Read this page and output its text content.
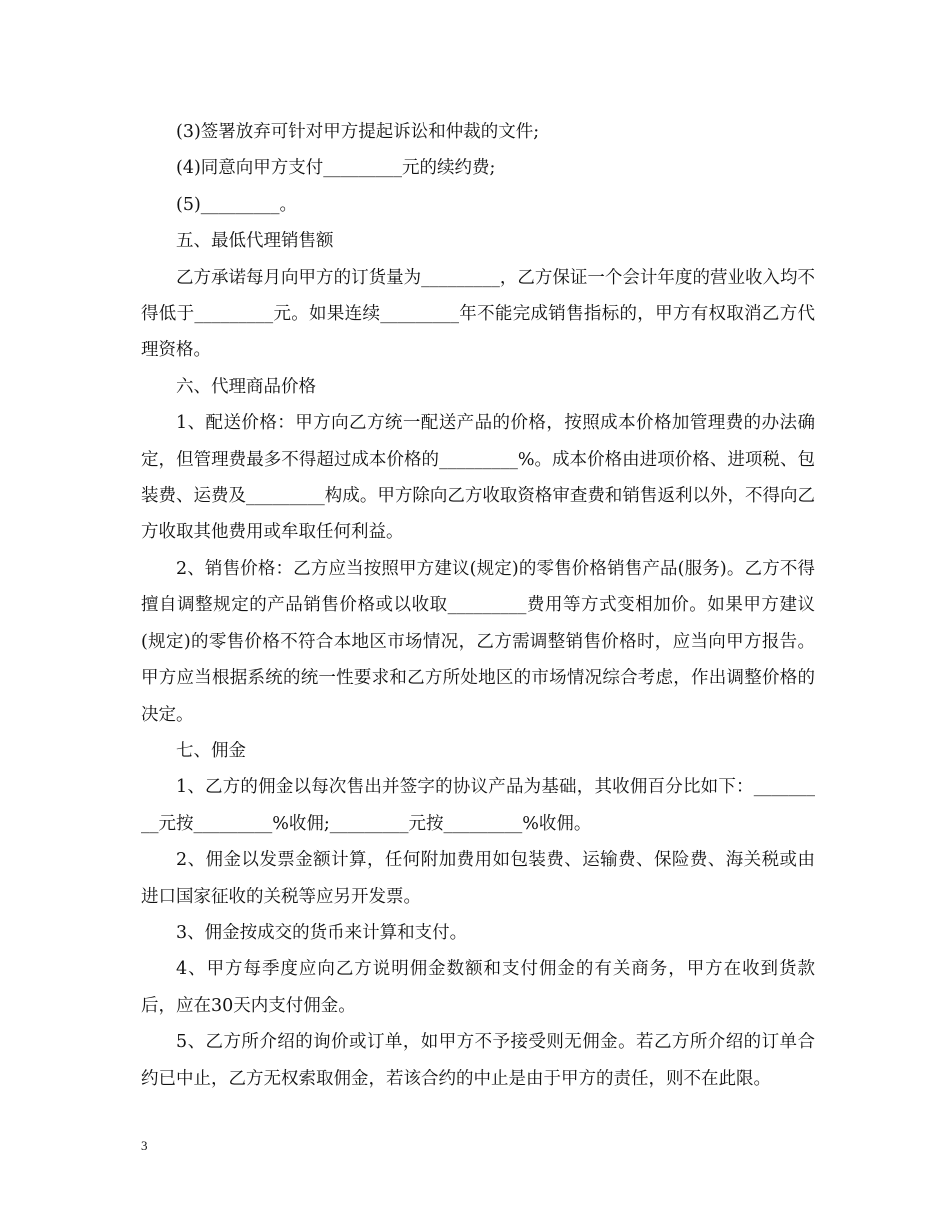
(3)签署放弃可针对甲方提起诉讼和仲裁的文件;

(4)同意向甲方支付_________元的续约费;

(5)_________。

五、最低代理销售额

乙方承诺每月向甲方的订货量为_________，乙方保证一个会计年度的营业收入均不得低于_________元。如果连续_________年不能完成销售指标的，甲方有权取消乙方代理资格。

六、代理商品价格

1、配送价格：甲方向乙方统一配送产品的价格，按照成本价格加管理费的办法确定，但管理费最多不得超过成本价格的_________%。成本价格由进项价格、进项税、包装费、运费及_________构成。甲方除向乙方收取资格审查费和销售返利以外，不得向乙方收取其他费用或牟取任何利益。

2、销售价格：乙方应当按照甲方建议(规定)的零售价格销售产品(服务)。乙方不得擅自调整规定的产品销售价格或以收取_________费用等方式变相加价。如果甲方建议(规定)的零售价格不符合本地区市场情况，乙方需调整销售价格时，应当向甲方报告。甲方应当根据系统的统一性要求和乙方所处地区的市场情况综合考虑，作出调整价格的决定。

七、佣金

1、乙方的佣金以每次售出并签字的协议产品为基础，其收佣百分比如下：_________元按_________%收佣;_________元按_________%收佣。

2、佣金以发票金额计算，任何附加费用如包装费、运输费、保险费、海关税或由进口国家征收的关税等应另开发票。

3、佣金按成交的货币来计算和支付。

4、甲方每季度应向乙方说明佣金数额和支付佣金的有关商务，甲方在收到货款后，应在30天内支付佣金。

5、乙方所介绍的询价或订单，如甲方不予接受则无佣金。若乙方所介绍的订单合约已中止，乙方无权索取佣金，若该合约的中止是由于甲方的责任，则不在此限。

3
